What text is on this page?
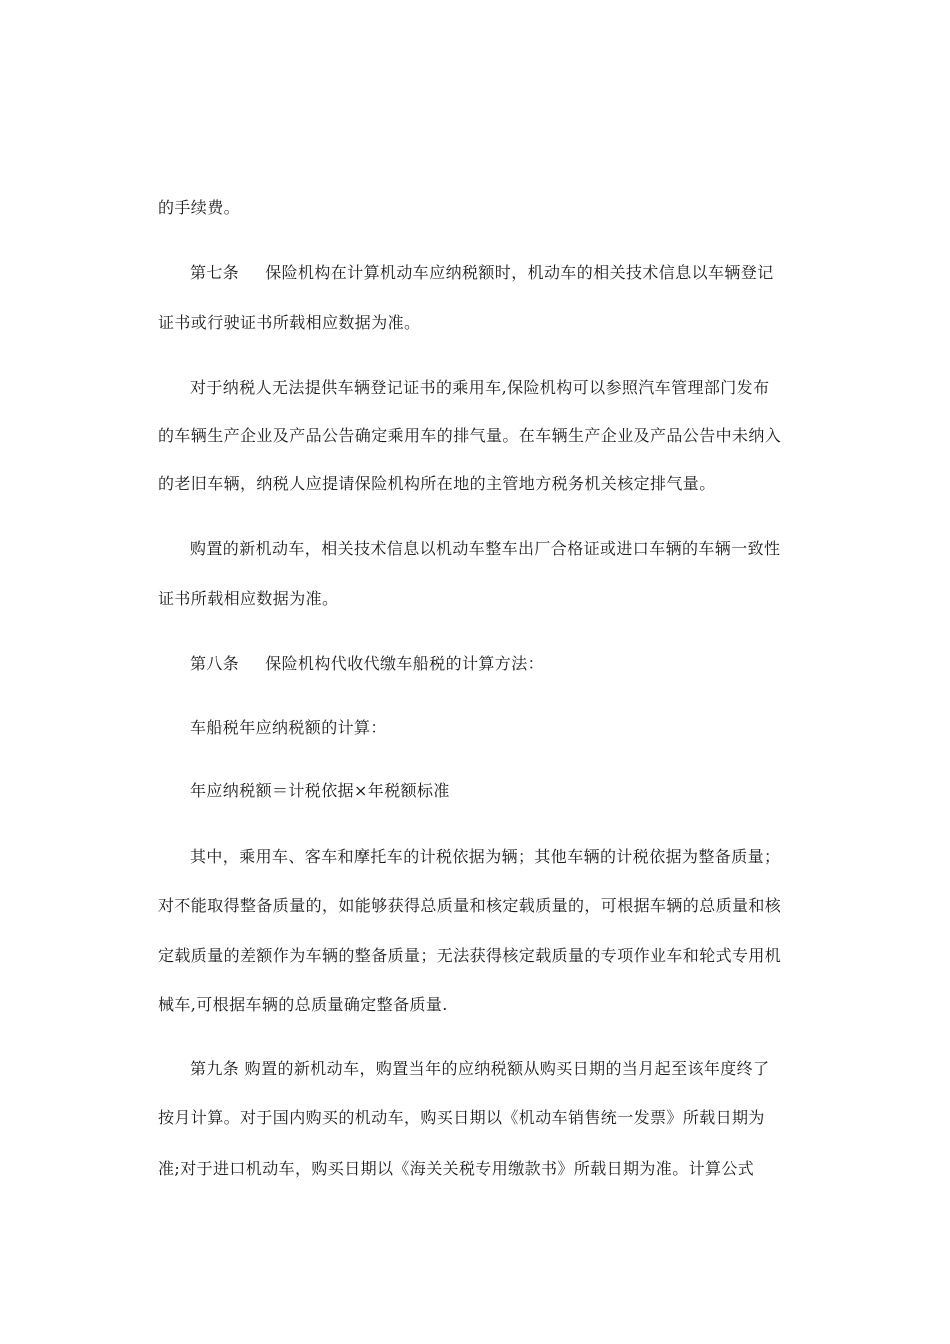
的手续费。
第七条 保险机构在计算机动车应纳税额时，机动车的相关技术信息以车辆登记
证书或行驶证书所载相应数据为准。
对于纳税人无法提供车辆登记证书的乘用车,保险机构可以参照汽车管理部门发布
的车辆生产企业及产品公告确定乘用车的排气量。在车辆生产企业及产品公告中未纳入
的老旧车辆，纳税人应提请保险机构所在地的主管地方税务机关核定排气量。
购置的新机动车，相关技术信息以机动车整车出厂合格证或进口车辆的车辆一致性
证书所载相应数据为准。
第八条 保险机构代收代缴车船税的计算方法：
车船税年应纳税额的计算：
年应纳税额＝计税依据×年税额标准
其中，乘用车、客车和摩托车的计税依据为辆；其他车辆的计税依据为整备质量；
对不能取得整备质量的，如能够获得总质量和核定载质量的，可根据车辆的总质量和核
定载质量的差额作为车辆的整备质量；无法获得核定载质量的专项作业车和轮式专用机
械车,可根据车辆的总质量确定整备质量.
第九条 购置的新机动车，购置当年的应纳税额从购买日期的当月起至该年度终了
按月计算。对于国内购买的机动车，购买日期以《机动车销售统一发票》所载日期为
准;对于进口机动车，购买日期以《海关关税专用缴款书》所载日期为准。计算公式
